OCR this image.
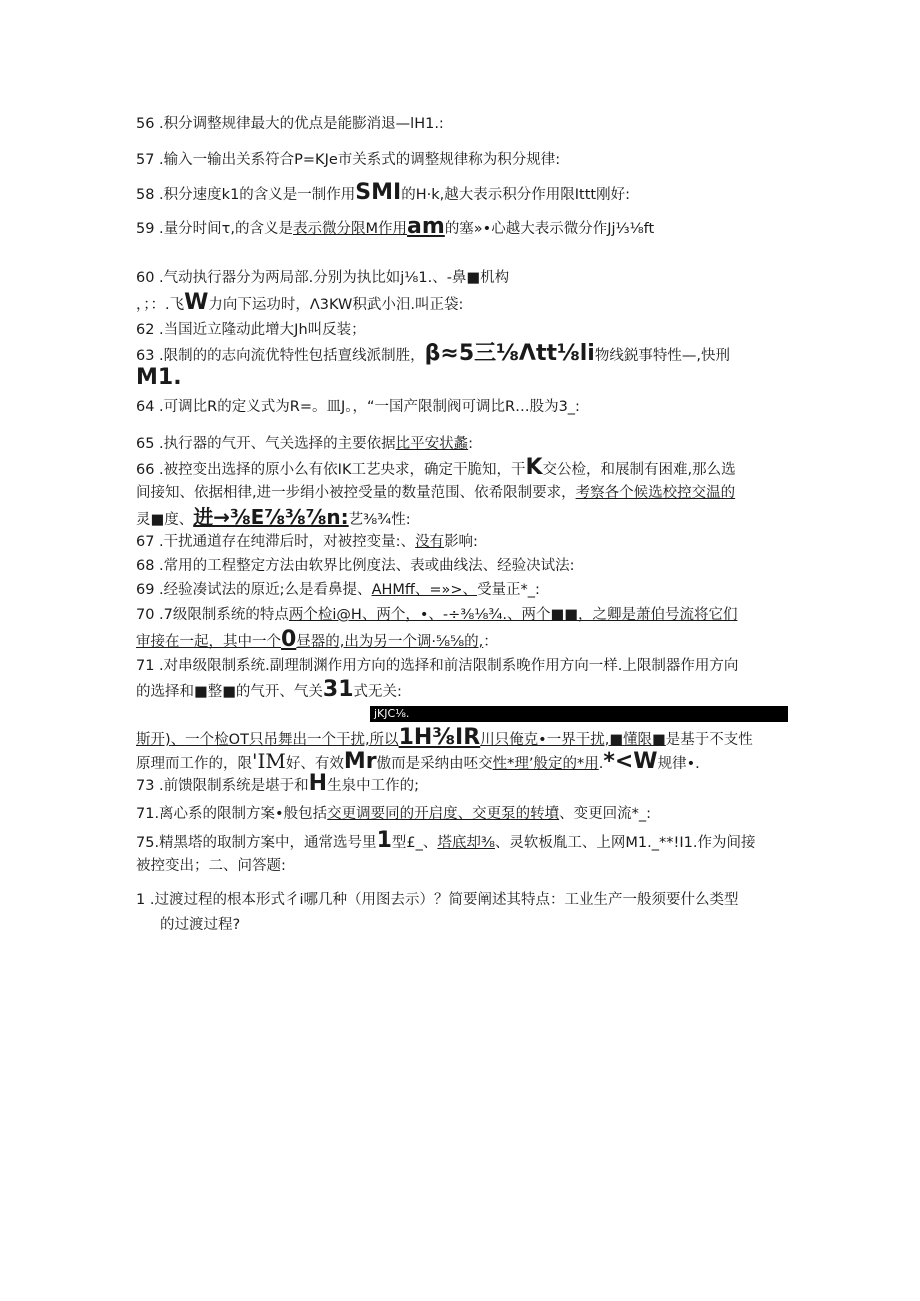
56 .积分调整规律最大的优点是能膨消退—lH1.:
57 .输入一输出关系符合P=KJe市关系式的调整规律称为积分规律:
58 .积分速度k1的含义是一制作用SMI的H·k,越大表示积分作用限Ittt刚好:
59 .量分时间τ,的含义是表示微分限M作用am的塞»•心越大表示微分作Jj⅓⅛ft
60 .气动执行器分为两局部.分别为执比如j⅛1.、-鼻■机构
，；：.飞W力向下运功时，Λ3KW积武小汨.叫正袋:
62 .当国近立隆动此增大Jh叫反装；
63 .限制的的志向流优特性包括亶线派制胜，β≈5三⅛Λtt⅛li物线鋭事特性—,快刑
M1.
64 .可调比R的定义式为R=。皿J。，“一国产限制阀可调比R…股为3_:
65 .执行器的气开、气关选择的主要依据比平安状蠡:
66 .被控变出选择的原小么有依IK工艺央求，确定干脆知，干K交公检，和展制有困难,那么选
间接知、依据相律,进一步绢小被控受量的数量范围、依希限制要求，考察各个候选校控交温的
灵■度、进→⅜E⅞⅜⅞n:艺⅜¾性:
67 .干扰通道存在纯滞后时，对被控变量:、没有影响:
68 .常用的工程整定方法由软界比例度法、表或曲线法、经验决试法:
69 .经验凑试法的原近;么是看鼻提、AHMff、=»>、受量正*_:
70 .7级限制系统的特点两个检i@H、两个，•、-÷⅜⅛¾.、两个■■，之卿是萧伯号流将它们
审接在一起，其中一个0昼器的,出为另一个调·⅝⅝的,：
71 .对串级限制系统.副理制渊作用方向的选择和前洁限制系晚作用方向一样.上限制器作用方向
的选择和■整■的气开、气关31式无关:
jKJC⅛.
斯开)、一个检OT只吊舞出一个干扰,所以1H⅜IR川只俺克•一界干扰,■懂限■是基于不支性
原理而工作的，限'IM好、有效Mr傲而是采纳由呸交性*理’般定的*用.*<W规律•.
73 .前馈限制系统是堪于和H生泉中工作的;
71.离心系的限制方案•般包括交更调要同的开启度、交更泵的转墳、变更回流*_:
75.精黑塔的取制方案中，通常选号里1型£_、塔底却⅜、灵软板胤工、上网M1._**!I1.作为间接
被控变出；二、问答题:
1 .过渡过程的根本形式彳i哪几种（用图去示）？简要阐述其特点：工业生产一般须要什么类型
的过渡过程?
